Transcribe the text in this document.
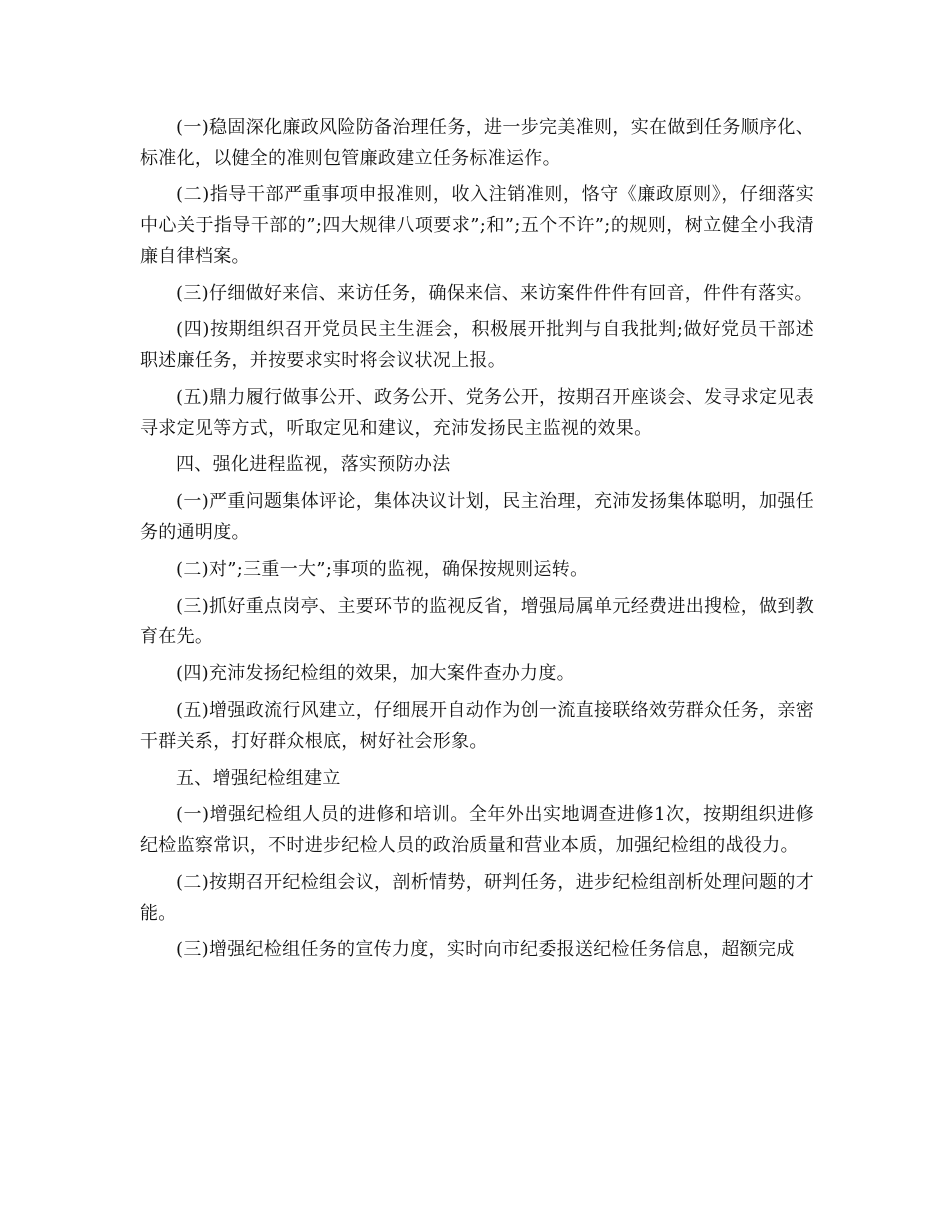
(一)稳固深化廉政风险防备治理任务，进一步完美准则，实在做到任务顺序化、标准化，以健全的准则包管廉政建立任务标准运作。

(二)指导干部严重事项申报准则，收入注销准则，恪守《廉政原则》，仔细落实中心关于指导干部的”;四大规律八项要求”;和”;五个不许”;的规则，树立健全小我清廉自律档案。

(三)仔细做好来信、来访任务，确保来信、来访案件件件有回音，件件有落实。

(四)按期组织召开党员民主生涯会，积极展开批判与自我批判;做好党员干部述职述廉任务，并按要求实时将会议状况上报。

(五)鼎力履行做事公开、政务公开、党务公开，按期召开座谈会、发寻求定见表寻求定见等方式，听取定见和建议，充沛发扬民主监视的效果。

四、强化进程监视，落实预防办法

(一)严重问题集体评论，集体决议计划，民主治理，充沛发扬集体聪明，加强任务的通明度。

(二)对”;三重一大”;事项的监视，确保按规则运转。

(三)抓好重点岗亭、主要环节的监视反省，增强局属单元经费进出搜检，做到教育在先。

(四)充沛发扬纪检组的效果，加大案件查办力度。

(五)增强政流行风建立，仔细展开自动作为创一流直接联络效劳群众任务，亲密干群关系，打好群众根底，树好社会形象。

五、增强纪检组建立

(一)增强纪检组人员的进修和培训。全年外出实地调查进修1次，按期组织进修纪检监察常识，不时进步纪检人员的政治质量和营业本质，加强纪检组的战役力。

(二)按期召开纪检组会议，剖析情势，研判任务，进步纪检组剖析处理问题的才能。

(三)增强纪检组任务的宣传力度，实时向市纪委报送纪检任务信息，超额完成
